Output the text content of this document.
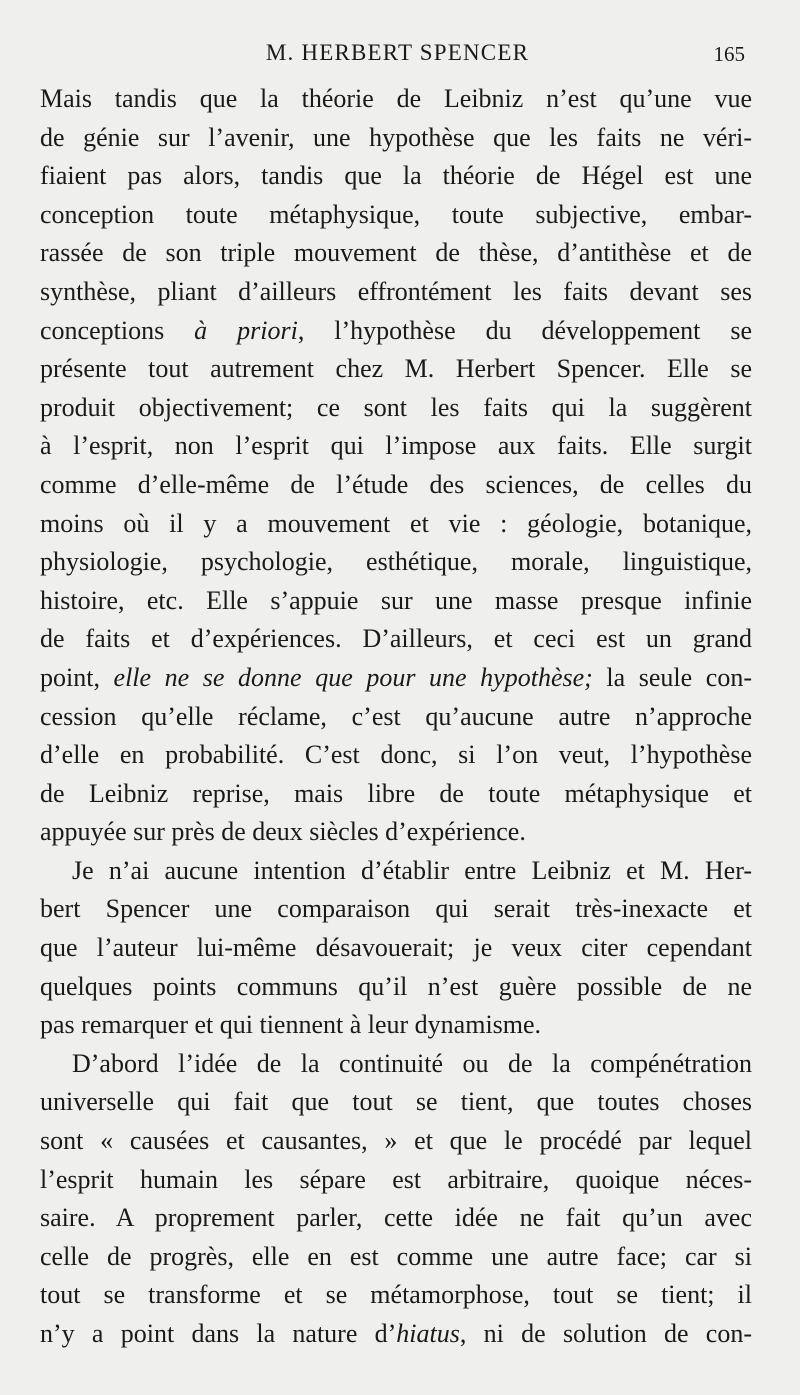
M. HERBERT SPENCER	165
Mais tandis que la théorie de Leibniz n’est qu’une vue
de génie sur l’avenir, une hypothèse que les faits ne véri-
fiaient pas alors, tandis que la théorie de Hégel est une
conception toute métaphysique, toute subjective, embar-
rassée de son triple mouvement de thèse, d’antithèse et de
synthèse, pliant d’ailleurs effrontément les faits devant ses
conceptions à priori, l’hypothèse du développement se
présente tout autrement chez M. Herbert Spencer. Elle se
produit objectivement; ce sont les faits qui la suggèrent
à l’esprit, non l’esprit qui l’impose aux faits. Elle surgit
comme d’elle-même de l’étude des sciences, de celles du
moins où il y a mouvement et vie : géologie, botanique,
physiologie, psychologie, esthétique, morale, linguistique,
histoire, etc. Elle s’appuie sur une masse presque infinie
de faits et d’expériences. D’ailleurs, et ceci est un grand
point, elle ne se donne que pour une hypothèse; la seule con-
cession qu’elle réclame, c’est qu’aucune autre n’approche
d’elle en probabilité. C’est donc, si l’on veut, l’hypothèse
de Leibniz reprise, mais libre de toute métaphysique et
appuyée sur près de deux siècles d’expérience.
Je n’ai aucune intention d’établir entre Leibniz et M. Her-
bert Spencer une comparaison qui serait très-inexacte et
que l’auteur lui-même désavouerait; je veux citer cependant
quelques points communs qu’il n’est guère possible de ne
pas remarquer et qui tiennent à leur dynamisme.
D’abord l’idée de la continuité ou de la compénétration
universelle qui fait que tout se tient, que toutes choses
sont « causées et causantes, » et que le procédé par lequel
l’esprit humain les sépare est arbitraire, quoique néces-
saire. A proprement parler, cette idée ne fait qu’un avec
celle de progrès, elle en est comme une autre face; car si
tout se transforme et se métamorphose, tout se tient; il
n’y a point dans la nature d’hiatus, ni de solution de con-
